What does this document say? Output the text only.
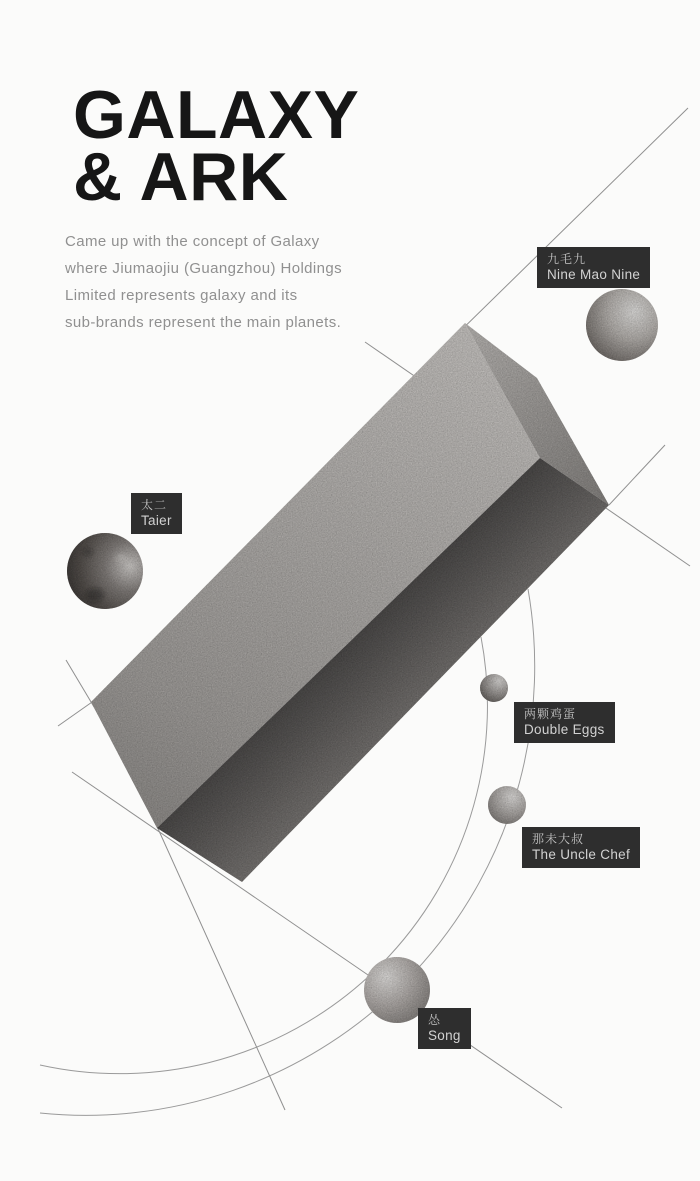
GALAXY
& ARK
Came up with the concept of Galaxy
where Jiumaojiu (Guangzhou) Holdings
Limited represents galaxy and its
sub-brands represent the main planets.
九毛九
Nine Mao Nine
太二
Taier
两颗鸡蛋
Double Eggs
那未大叔
The Uncle Chef
怂
Song
